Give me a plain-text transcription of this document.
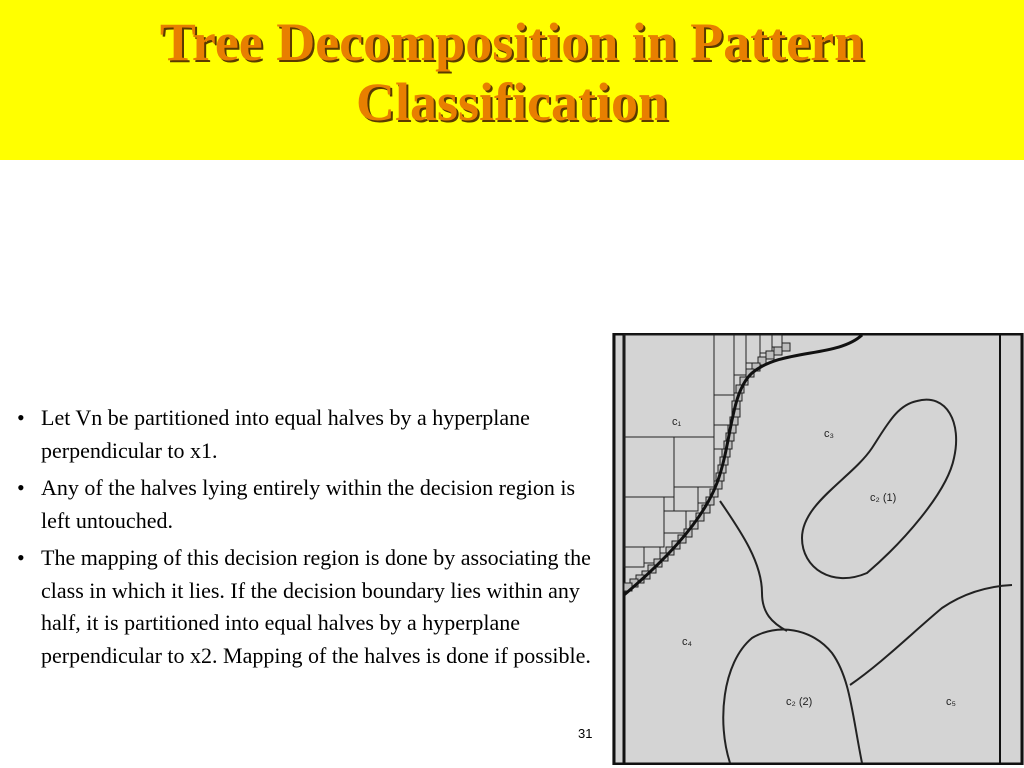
Tree Decomposition in Pattern
Classification
• Let Vn be partitioned into equal halves by a hyperplane perpendicular to x1.
• Any of the halves lying entirely within the decision region is left untouched.
• The mapping of this decision region is done by associating the class in which it lies. If the decision boundary lies within any half, it is partitioned into equal halves by a hyperplane perpendicular to x2. Mapping of the halves is done if possible.
31
c₁
c₃
c₂ (1)
c₄
c₂ (2)	c₅
